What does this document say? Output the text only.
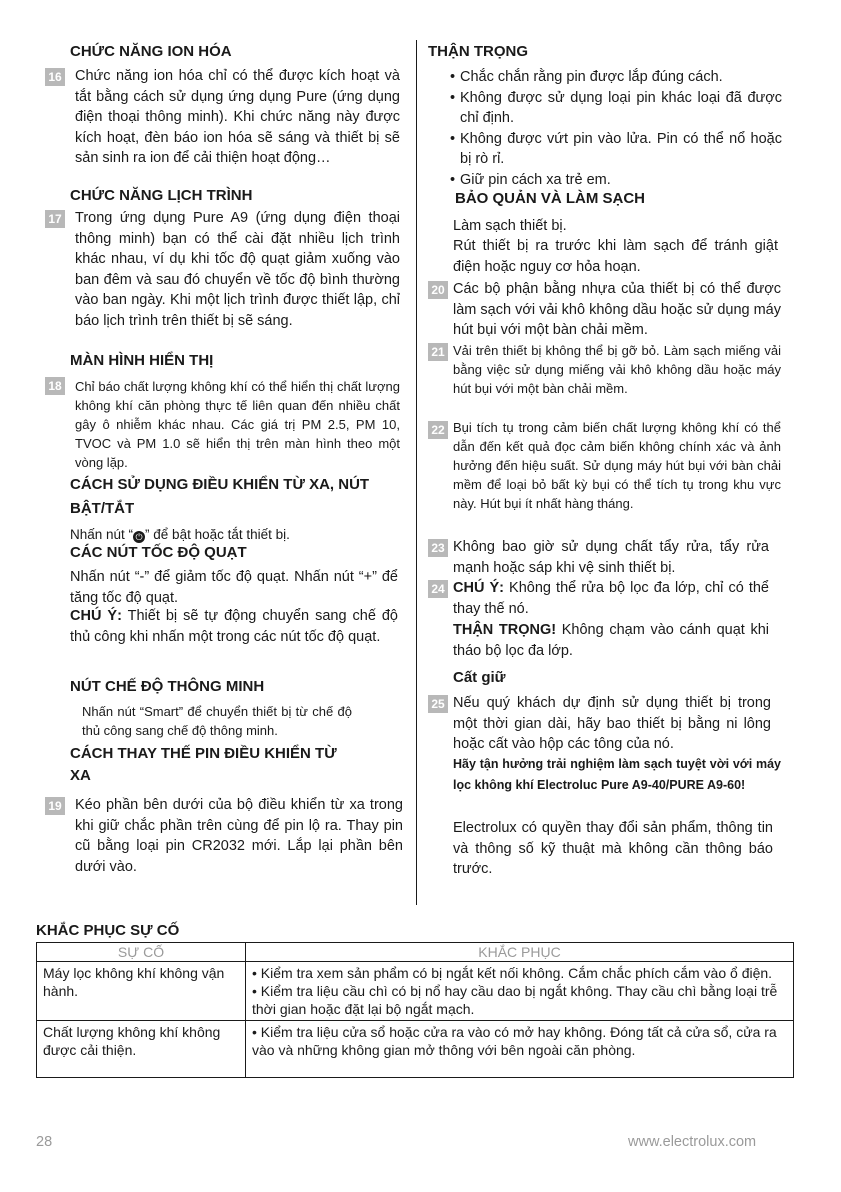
CHỨC NĂNG ION HÓA
16 Chức năng ion hóa chỉ có thể được kích hoạt và tắt bằng cách sử dụng ứng dụng Pure (ứng dụng điện thoại thông minh). Khi chức năng này được kích hoạt, đèn báo ion hóa sẽ sáng và thiết bị sẽ sản sinh ra ion để cải thiện hoạt động…
CHỨC NĂNG LỊCH TRÌNH
17 Trong ứng dụng Pure A9 (ứng dụng điện thoại thông minh) bạn có thể cài đặt nhiều lịch trình khác nhau, ví dụ khi tốc độ quạt giảm xuống vào ban đêm và sau đó chuyển về tốc độ bình thường vào ban ngày. Khi một lịch trình được thiết lập, chỉ báo lịch trình trên thiết bị sẽ sáng.
MÀN HÌNH HIỂN THỊ
18 Chỉ báo chất lượng không khí có thể hiển thị chất lượng không khí căn phòng thực tế liên quan đến nhiều chất gây ô nhiễm khác nhau. Các giá trị PM 2.5, PM 10, TVOC và PM 1.0 sẽ hiển thị trên màn hình theo một vòng lặp.
CÁCH SỬ DỤNG ĐIỀU KHIỂN TỪ XA, NÚT
BẬT/TẮT
Nhấn nút “ ⏻ ” để bật hoặc tắt thiết bị.
CÁC NÚT TỐC ĐỘ QUẠT
Nhấn nút “-” để giảm tốc độ quạt. Nhấn nút “+” để tăng tốc độ quạt.
CHÚ Ý: Thiết bị sẽ tự động chuyển sang chế độ thủ công khi nhấn một trong các nút tốc độ quạt.
NÚT CHẾ ĐỘ THÔNG MINH
Nhấn nút “Smart” để chuyển thiết bị từ chế độ thủ công sang chế độ thông minh.
CÁCH THAY THẾ PIN ĐIỀU KHIỂN TỪ
XA
19 Kéo phần bên dưới của bộ điều khiển từ xa trong khi giữ chắc phần trên cùng để pin lộ ra. Thay pin cũ bằng loại pin CR2032 mới. Lắp lại phần bên dưới vào.
THẬN TRỌNG
• Chắc chắn rằng pin được lắp đúng cách.
• Không được sử dụng loại pin khác loại đã được chỉ định.
• Không được vứt pin vào lửa. Pin có thể nổ hoặc bị rò rỉ.
• Giữ pin cách xa trẻ em.
BẢO QUẢN VÀ LÀM SẠCH
Làm sạch thiết bị.
Rút thiết bị ra trước khi làm sạch để tránh giật điện hoặc nguy cơ hỏa hoạn.
20 Các bộ phận bằng nhựa của thiết bị có thể được làm sạch với vải khô không dầu hoặc sử dụng máy hút bụi với một bàn chải mềm.
21 Vải trên thiết bị không thể bị gỡ bỏ. Làm sạch miếng vải bằng việc sử dụng miếng vải khô không dầu hoặc máy hút bụi với một bàn chải mềm.
22 Bụi tích tụ trong cảm biến chất lượng không khí có thể dẫn đến kết quả đọc cảm biến không chính xác và ảnh hưởng đến hiệu suất. Sử dụng máy hút bụi với bàn chải mềm để loại bỏ bất kỳ bụi có thể tích tụ trong khu vực này. Hút bụi ít nhất hàng tháng.
23 Không bao giờ sử dụng chất tẩy rửa, tẩy rửa mạnh hoặc sáp khi vệ sinh thiết bị.
24 CHÚ Ý: Không thể rửa bộ lọc đa lớp, chỉ có thể thay thế nó.
THẬN TRỌNG! Không chạm vào cánh quạt khi tháo bộ lọc đa lớp.
Cất giữ
25 Nếu quý khách dự định sử dụng thiết bị trong một thời gian dài, hãy bao thiết bị bằng ni lông hoặc cất vào hộp các tông của nó.
Hãy tận hưởng trải nghiệm làm sạch tuyệt vời với máy lọc không khí Electroluc Pure A9-40/PURE A9-60!
Electrolux có quyền thay đổi sản phẩm, thông tin và thông số kỹ thuật mà không cần thông báo trước.
KHẮC PHỤC SỰ CỐ
SỰ CỐ	KHẮC PHỤC
Máy lọc không khí không vận hành.	• Kiểm tra xem sản phẩm có bị ngắt kết nối không. Cắm chắc phích cắm vào ổ điện.
• Kiểm tra liệu cầu chì có bị nổ hay cầu dao bị ngắt không. Thay cầu chì bằng loại trễ thời gian hoặc đặt lại bộ ngắt mạch.

Chất lượng không khí không được cải thiện.	• Kiểm tra liệu cửa sổ hoặc cửa ra vào có mở hay không. Đóng tất cả cửa sổ, cửa ra vào và những không gian mở thông với bên ngoài căn phòng.
28	www.electrolux.com
